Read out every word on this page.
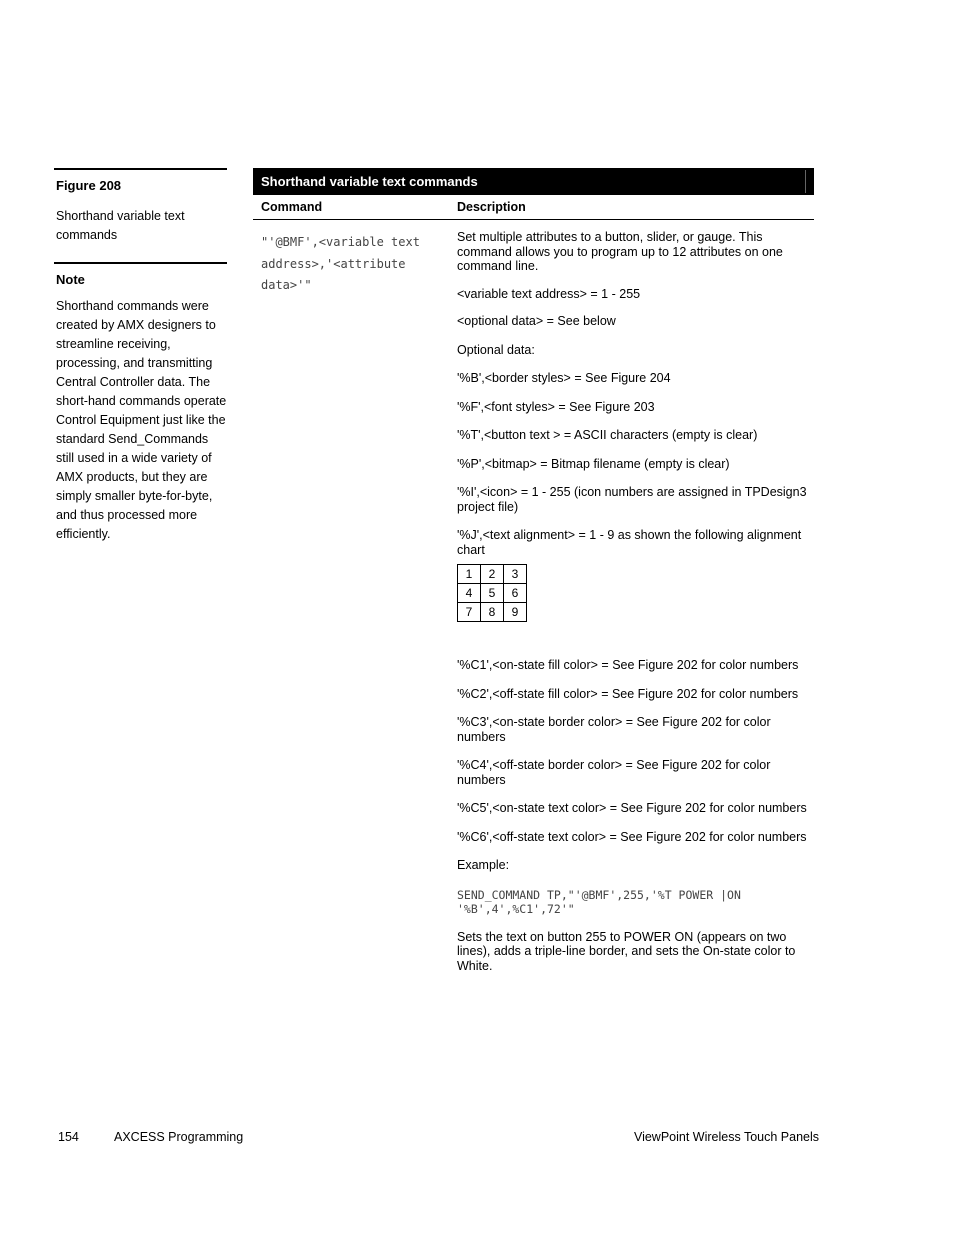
Figure 208
Shorthand variable text commands
Note
Shorthand commands were created by AMX designers to streamline receiving, processing, and transmitting Central Controller data. The short-hand commands operate Control Equipment just like the standard Send_Commands still used in a wide variety of AMX products, but they are simply smaller byte-for-byte, and thus processed more efficiently.
Shorthand variable text commands
Command	Description
"'@BMF',<variable text
address>,'<attribute
data>'"

Set multiple attributes to a button, slider, or gauge. This command allows you to program up to 12 attributes on one command line.

<variable text address> = 1 - 255

<optional data> = See below

Optional data:

'%B',<border styles> = See Figure 204

'%F',<font styles> = See Figure 203

'%T',<button text > = ASCII characters (empty is clear)

'%P',<bitmap> = Bitmap filename (empty is clear)

'%I',<icon> = 1 - 255 (icon numbers are assigned in TPDesign3 project file)

'%J',<text alignment> = 1 - 9 as shown the following alignment chart

1	2	3
4	5	6
7	8	9

'%C1',<on-state fill color> = See Figure 202 for color numbers

'%C2',<off-state fill color> = See Figure 202 for color numbers

'%C3',<on-state border color> = See Figure 202 for color numbers

'%C4',<off-state border color> = See Figure 202 for color numbers

'%C5',<on-state text color> = See Figure 202 for color numbers

'%C6',<off-state text color> = See Figure 202 for color numbers

Example:

SEND_COMMAND TP,"'@BMF',255,'%T POWER |ON

'%B',4',%C1',72'"

Sets the text on button 255 to POWER ON (appears on two lines), adds a triple-line border, and sets the On-state color to White.

154	AXCESS Programming	ViewPoint Wireless Touch Panels
